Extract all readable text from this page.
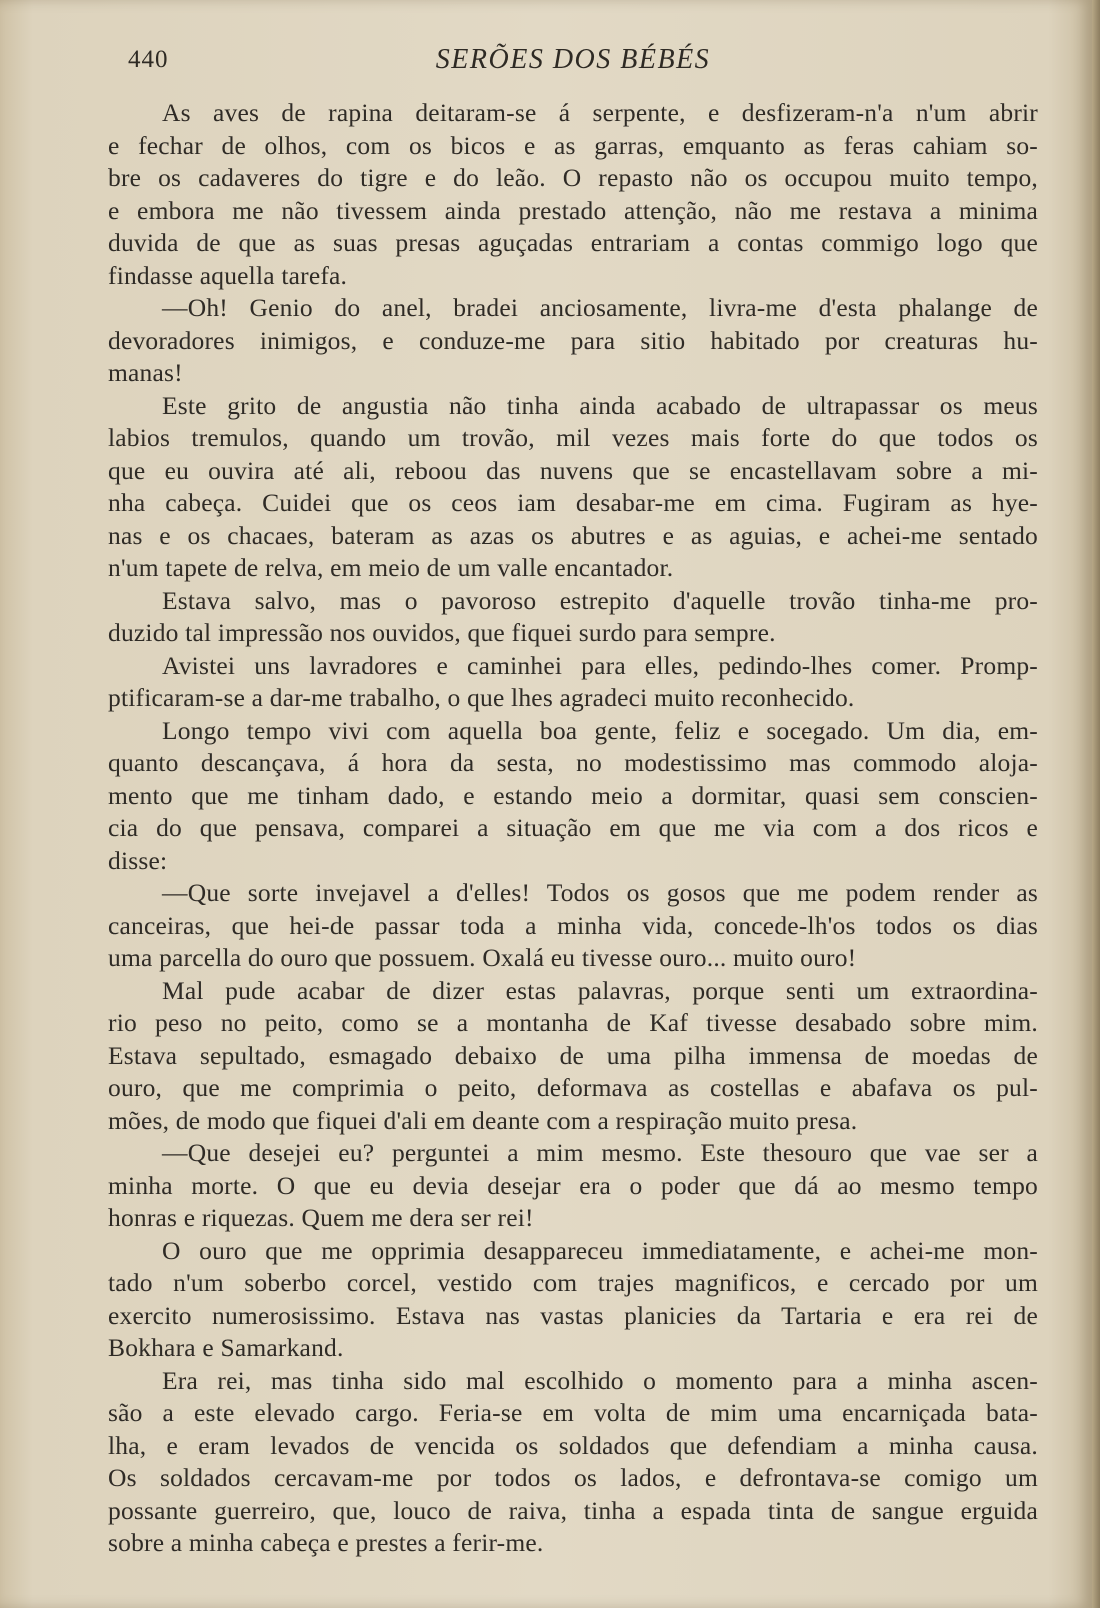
440	SERÕES DOS BÉBÉS
As aves de rapina deitaram-se á serpente, e desfizeram-n'a n'um abrir
e fechar de olhos, com os bicos e as garras, emquanto as feras cahiam so-
bre os cadaveres do tigre e do leão. O repasto não os occupou muito tempo,
e embora me não tivessem ainda prestado attenção, não me restava a minima
duvida de que as suas presas aguçadas entrariam a contas commigo logo que
findasse aquella tarefa.
—Oh! Genio do anel, bradei anciosamente, livra-me d'esta phalange de
devoradores inimigos, e conduze-me para sitio habitado por creaturas hu-
manas!
Este grito de angustia não tinha ainda acabado de ultrapassar os meus
labios tremulos, quando um trovão, mil vezes mais forte do que todos os
que eu ouvira até ali, reboou das nuvens que se encastellavam sobre a mi-
nha cabeça. Cuidei que os ceos iam desabar-me em cima. Fugiram as hye-
nas e os chacaes, bateram as azas os abutres e as aguias, e achei-me sentado
n'um tapete de relva, em meio de um valle encantador.
Estava salvo, mas o pavoroso estrepito d'aquelle trovão tinha-me pro-
duzido tal impressão nos ouvidos, que fiquei surdo para sempre.
Avistei uns lavradores e caminhei para elles, pedindo-lhes comer. Promp-
ptificaram-se a dar-me trabalho, o que lhes agradeci muito reconhecido.
Longo tempo vivi com aquella boa gente, feliz e socegado. Um dia, em-
quanto descançava, á hora da sesta, no modestissimo mas commodo aloja-
mento que me tinham dado, e estando meio a dormitar, quasi sem conscien-
cia do que pensava, comparei a situação em que me via com a dos ricos e
disse:
—Que sorte invejavel a d'elles! Todos os gosos que me podem render as
canceiras, que hei-de passar toda a minha vida, concede-lh'os todos os dias
uma parcella do ouro que possuem. Oxalá eu tivesse ouro... muito ouro!
Mal pude acabar de dizer estas palavras, porque senti um extraordina-
rio peso no peito, como se a montanha de Kaf tivesse desabado sobre mim.
Estava sepultado, esmagado debaixo de uma pilha immensa de moedas de
ouro, que me comprimia o peito, deformava as costellas e abafava os pul-
mões, de modo que fiquei d'ali em deante com a respiração muito presa.
—Que desejei eu? perguntei a mim mesmo. Este thesouro que vae ser a
minha morte. O que eu devia desejar era o poder que dá ao mesmo tempo
honras e riquezas. Quem me dera ser rei!
O ouro que me opprimia desappareceu immediatamente, e achei-me mon-
tado n'um soberbo corcel, vestido com trajes magnificos, e cercado por um
exercito numerosissimo. Estava nas vastas planicies da Tartaria e era rei de
Bokhara e Samarkand.
Era rei, mas tinha sido mal escolhido o momento para a minha ascen-
são a este elevado cargo. Feria-se em volta de mim uma encarniçada bata-
lha, e eram levados de vencida os soldados que defendiam a minha causa.
Os soldados cercavam-me por todos os lados, e defrontava-se comigo um
possante guerreiro, que, louco de raiva, tinha a espada tinta de sangue erguida
sobre a minha cabeça e prestes a ferir-me.
